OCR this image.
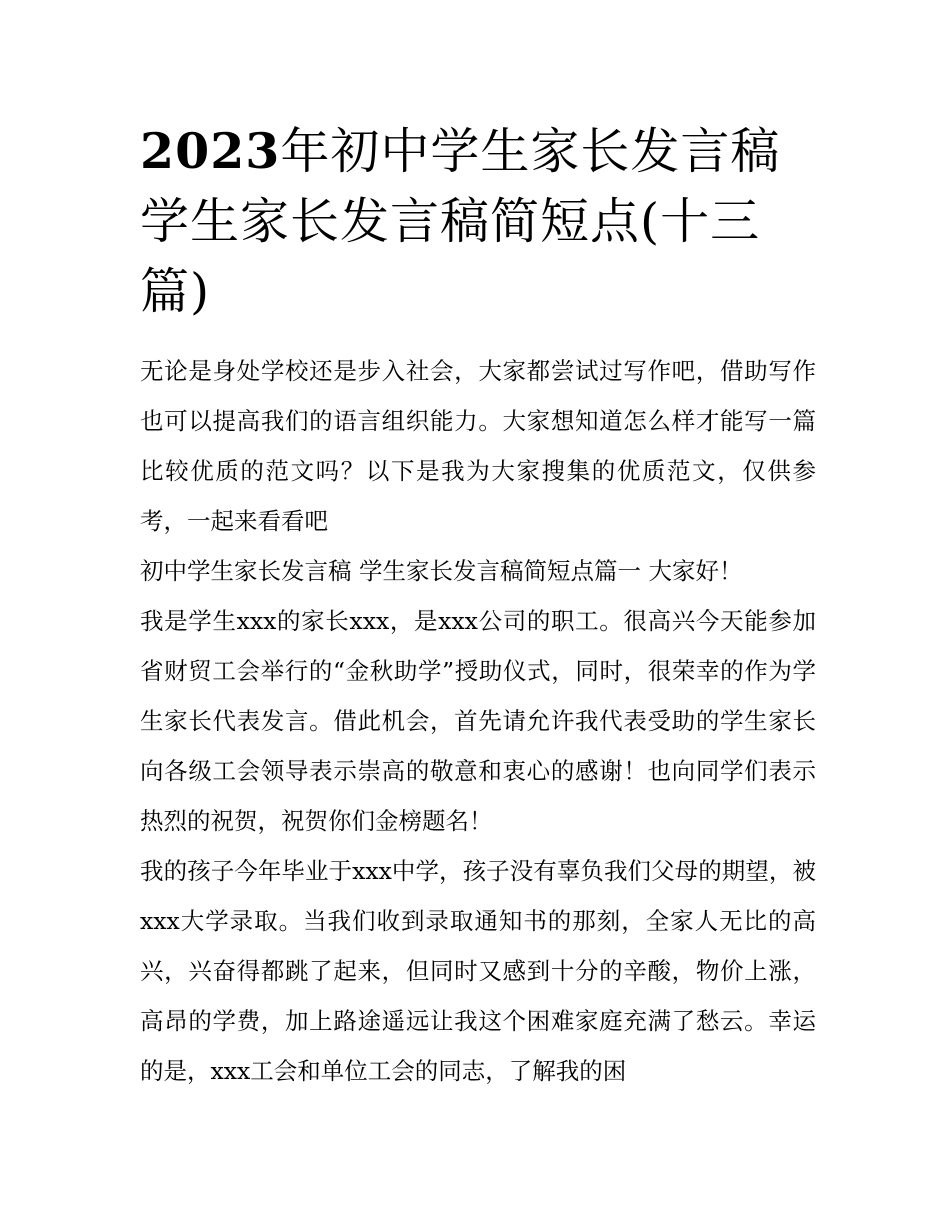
2023年初中学生家长发言稿
学生家长发言稿简短点(十三
篇)

无论是身处学校还是步入社会，大家都尝试过写作吧，借助写作也可以提高我们的语言组织能力。大家想知道怎么样才能写一篇比较优质的范文吗？以下是我为大家搜集的优质范文，仅供参考，一起来看看吧

初中学生家长发言稿 学生家长发言稿简短点篇一 大家好！

我是学生xxx的家长xxx，是xxx公司的职工。很高兴今天能参加省财贸工会举行的“金秋助学”授助仪式，同时，很荣幸的作为学生家长代表发言。借此机会，首先请允许我代表受助的学生家长向各级工会领导表示崇高的敬意和衷心的感谢！也向同学们表示热烈的祝贺，祝贺你们金榜题名！

我的孩子今年毕业于xxx中学，孩子没有辜负我们父母的期望，被xxx大学录取。当我们收到录取通知书的那刻，全家人无比的高兴，兴奋得都跳了起来，但同时又感到十分的辛酸，物价上涨，高昂的学费，加上路途遥远让我这个困难家庭充满了愁云。幸运的是，xxx工会和单位工会的同志，了解我的困
